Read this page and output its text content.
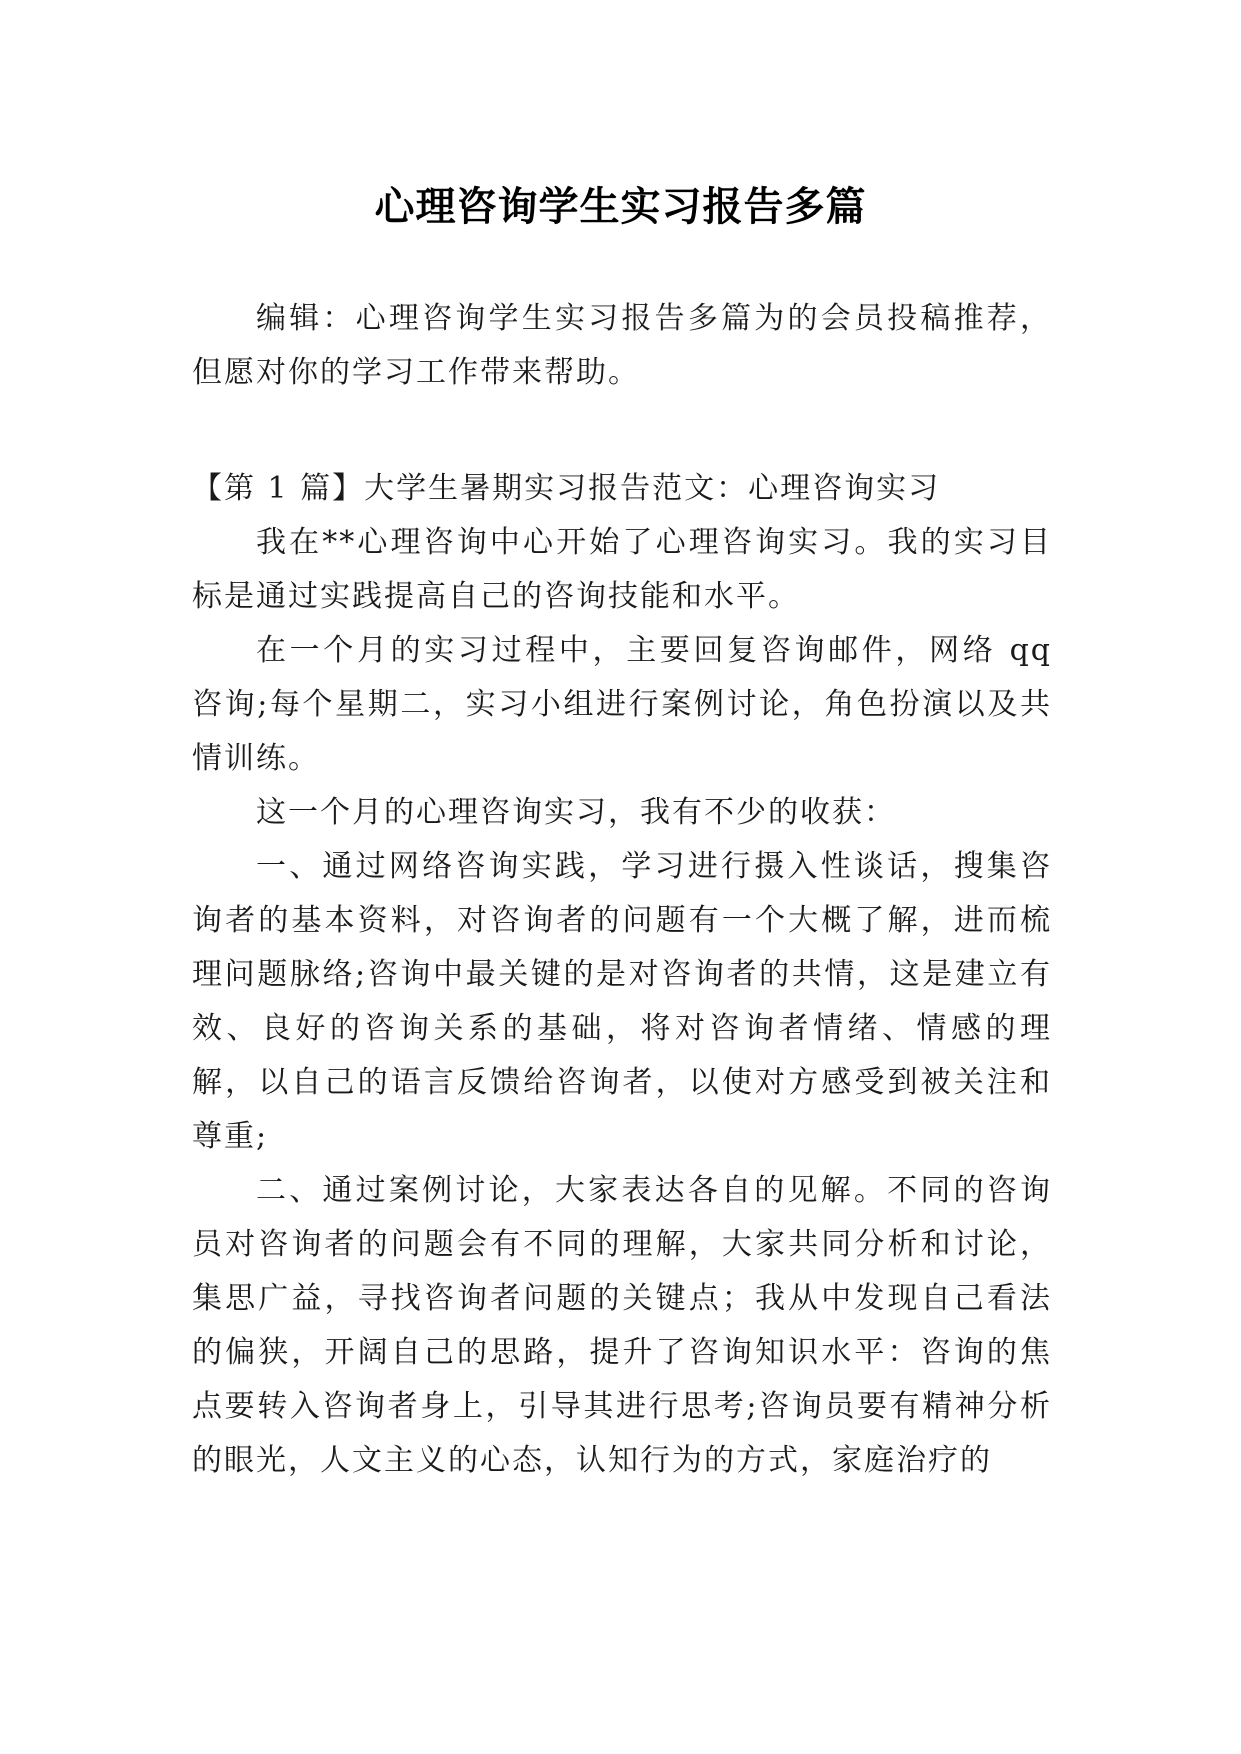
心理咨询学生实习报告多篇

编辑：心理咨询学生实习报告多篇为的会员投稿推荐，但愿对你的学习工作带来帮助。

【第 1 篇】大学生暑期实习报告范文：心理咨询实习

我在**心理咨询中心开始了心理咨询实习。我的实习目标是通过实践提高自己的咨询技能和水平。

在一个月的实习过程中，主要回复咨询邮件，网络 qq 咨询;每个星期二，实习小组进行案例讨论，角色扮演以及共情训练。

这一个月的心理咨询实习，我有不少的收获：

一、通过网络咨询实践，学习进行摄入性谈话，搜集咨询者的基本资料，对咨询者的问题有一个大概了解，进而梳理问题脉络;咨询中最关键的是对咨询者的共情，这是建立有效、良好的咨询关系的基础，将对咨询者情绪、情感的理解，以自己的语言反馈给咨询者，以使对方感受到被关注和尊重;

二、通过案例讨论，大家表达各自的见解。不同的咨询员对咨询者的问题会有不同的理解，大家共同分析和讨论，集思广益，寻找咨询者问题的关键点；我从中发现自己看法的偏狭，开阔自己的思路，提升了咨询知识水平：咨询的焦点要转入咨询者身上，引导其进行思考;咨询员要有精神分析的眼光，人文主义的心态，认知行为的方式，家庭治疗的
